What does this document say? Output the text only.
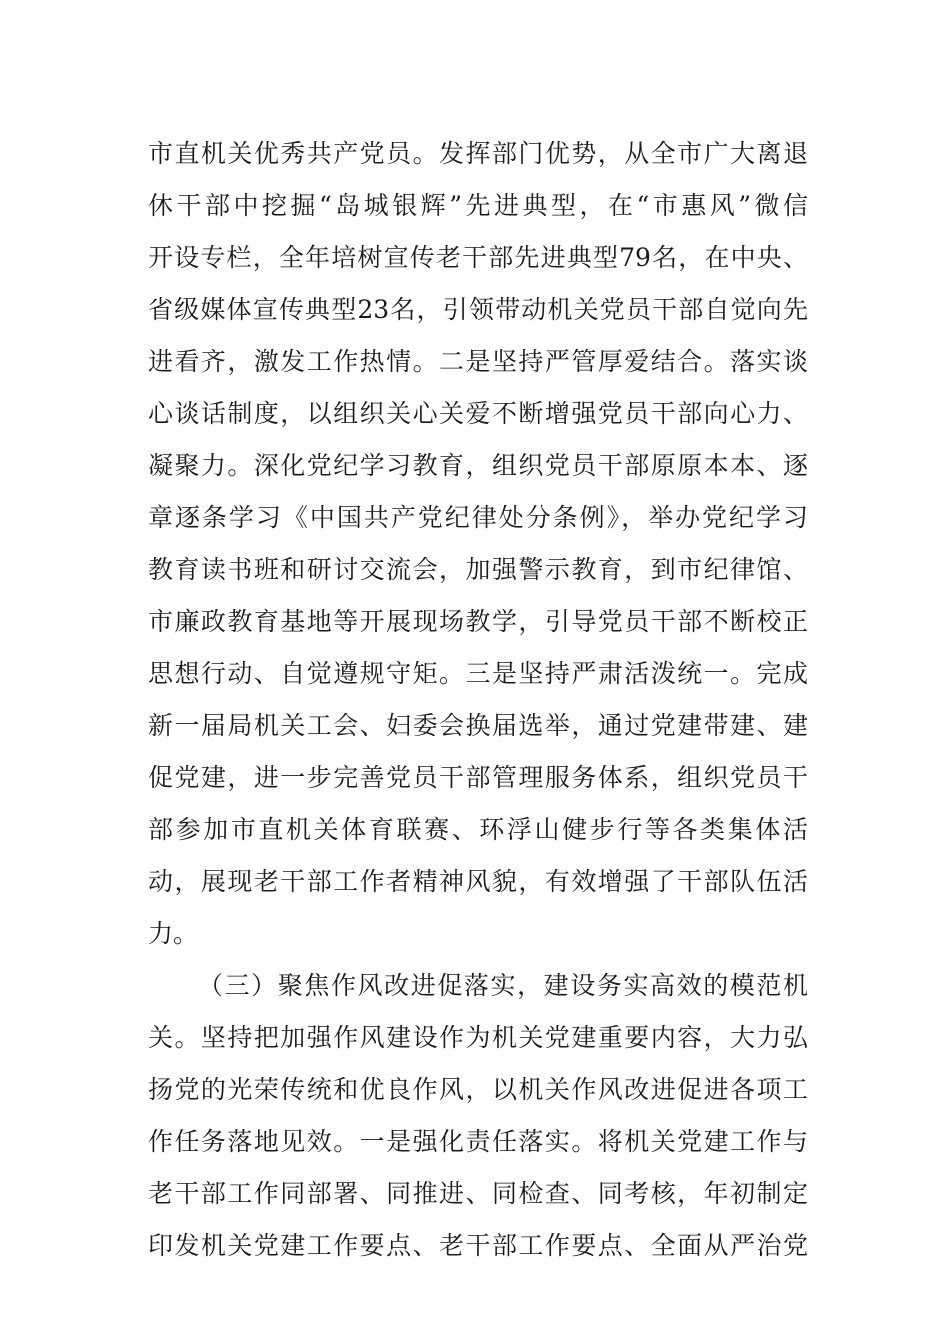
市直机关优秀共产党员。发挥部门优势，从全市广大离退
休干部中挖掘“岛城银辉”先进典型，在“市惠风”微信
开设专栏，全年培树宣传老干部先进典型79名，在中央、
省级媒体宣传典型23名，引领带动机关党员干部自觉向先
进看齐，激发工作热情。二是坚持严管厚爱结合。落实谈
心谈话制度，以组织关心关爱不断增强党员干部向心力、
凝聚力。深化党纪学习教育，组织党员干部原原本本、逐
章逐条学习《中国共产党纪律处分条例》，举办党纪学习
教育读书班和研讨交流会，加强警示教育，到市纪律馆、
市廉政教育基地等开展现场教学，引导党员干部不断校正
思想行动、自觉遵规守矩。三是坚持严肃活泼统一。完成
新一届局机关工会、妇委会换届选举，通过党建带建、建
促党建，进一步完善党员干部管理服务体系，组织党员干
部参加市直机关体育联赛、环浮山健步行等各类集体活
动，展现老干部工作者精神风貌，有效增强了干部队伍活
力。
（三）聚焦作风改进促落实，建设务实高效的模范机
关。坚持把加强作风建设作为机关党建重要内容，大力弘
扬党的光荣传统和优良作风，以机关作风改进促进各项工
作任务落地见效。一是强化责任落实。将机关党建工作与
老干部工作同部署、同推进、同检查、同考核，年初制定
印发机关党建工作要点、老干部工作要点、全面从严治党
